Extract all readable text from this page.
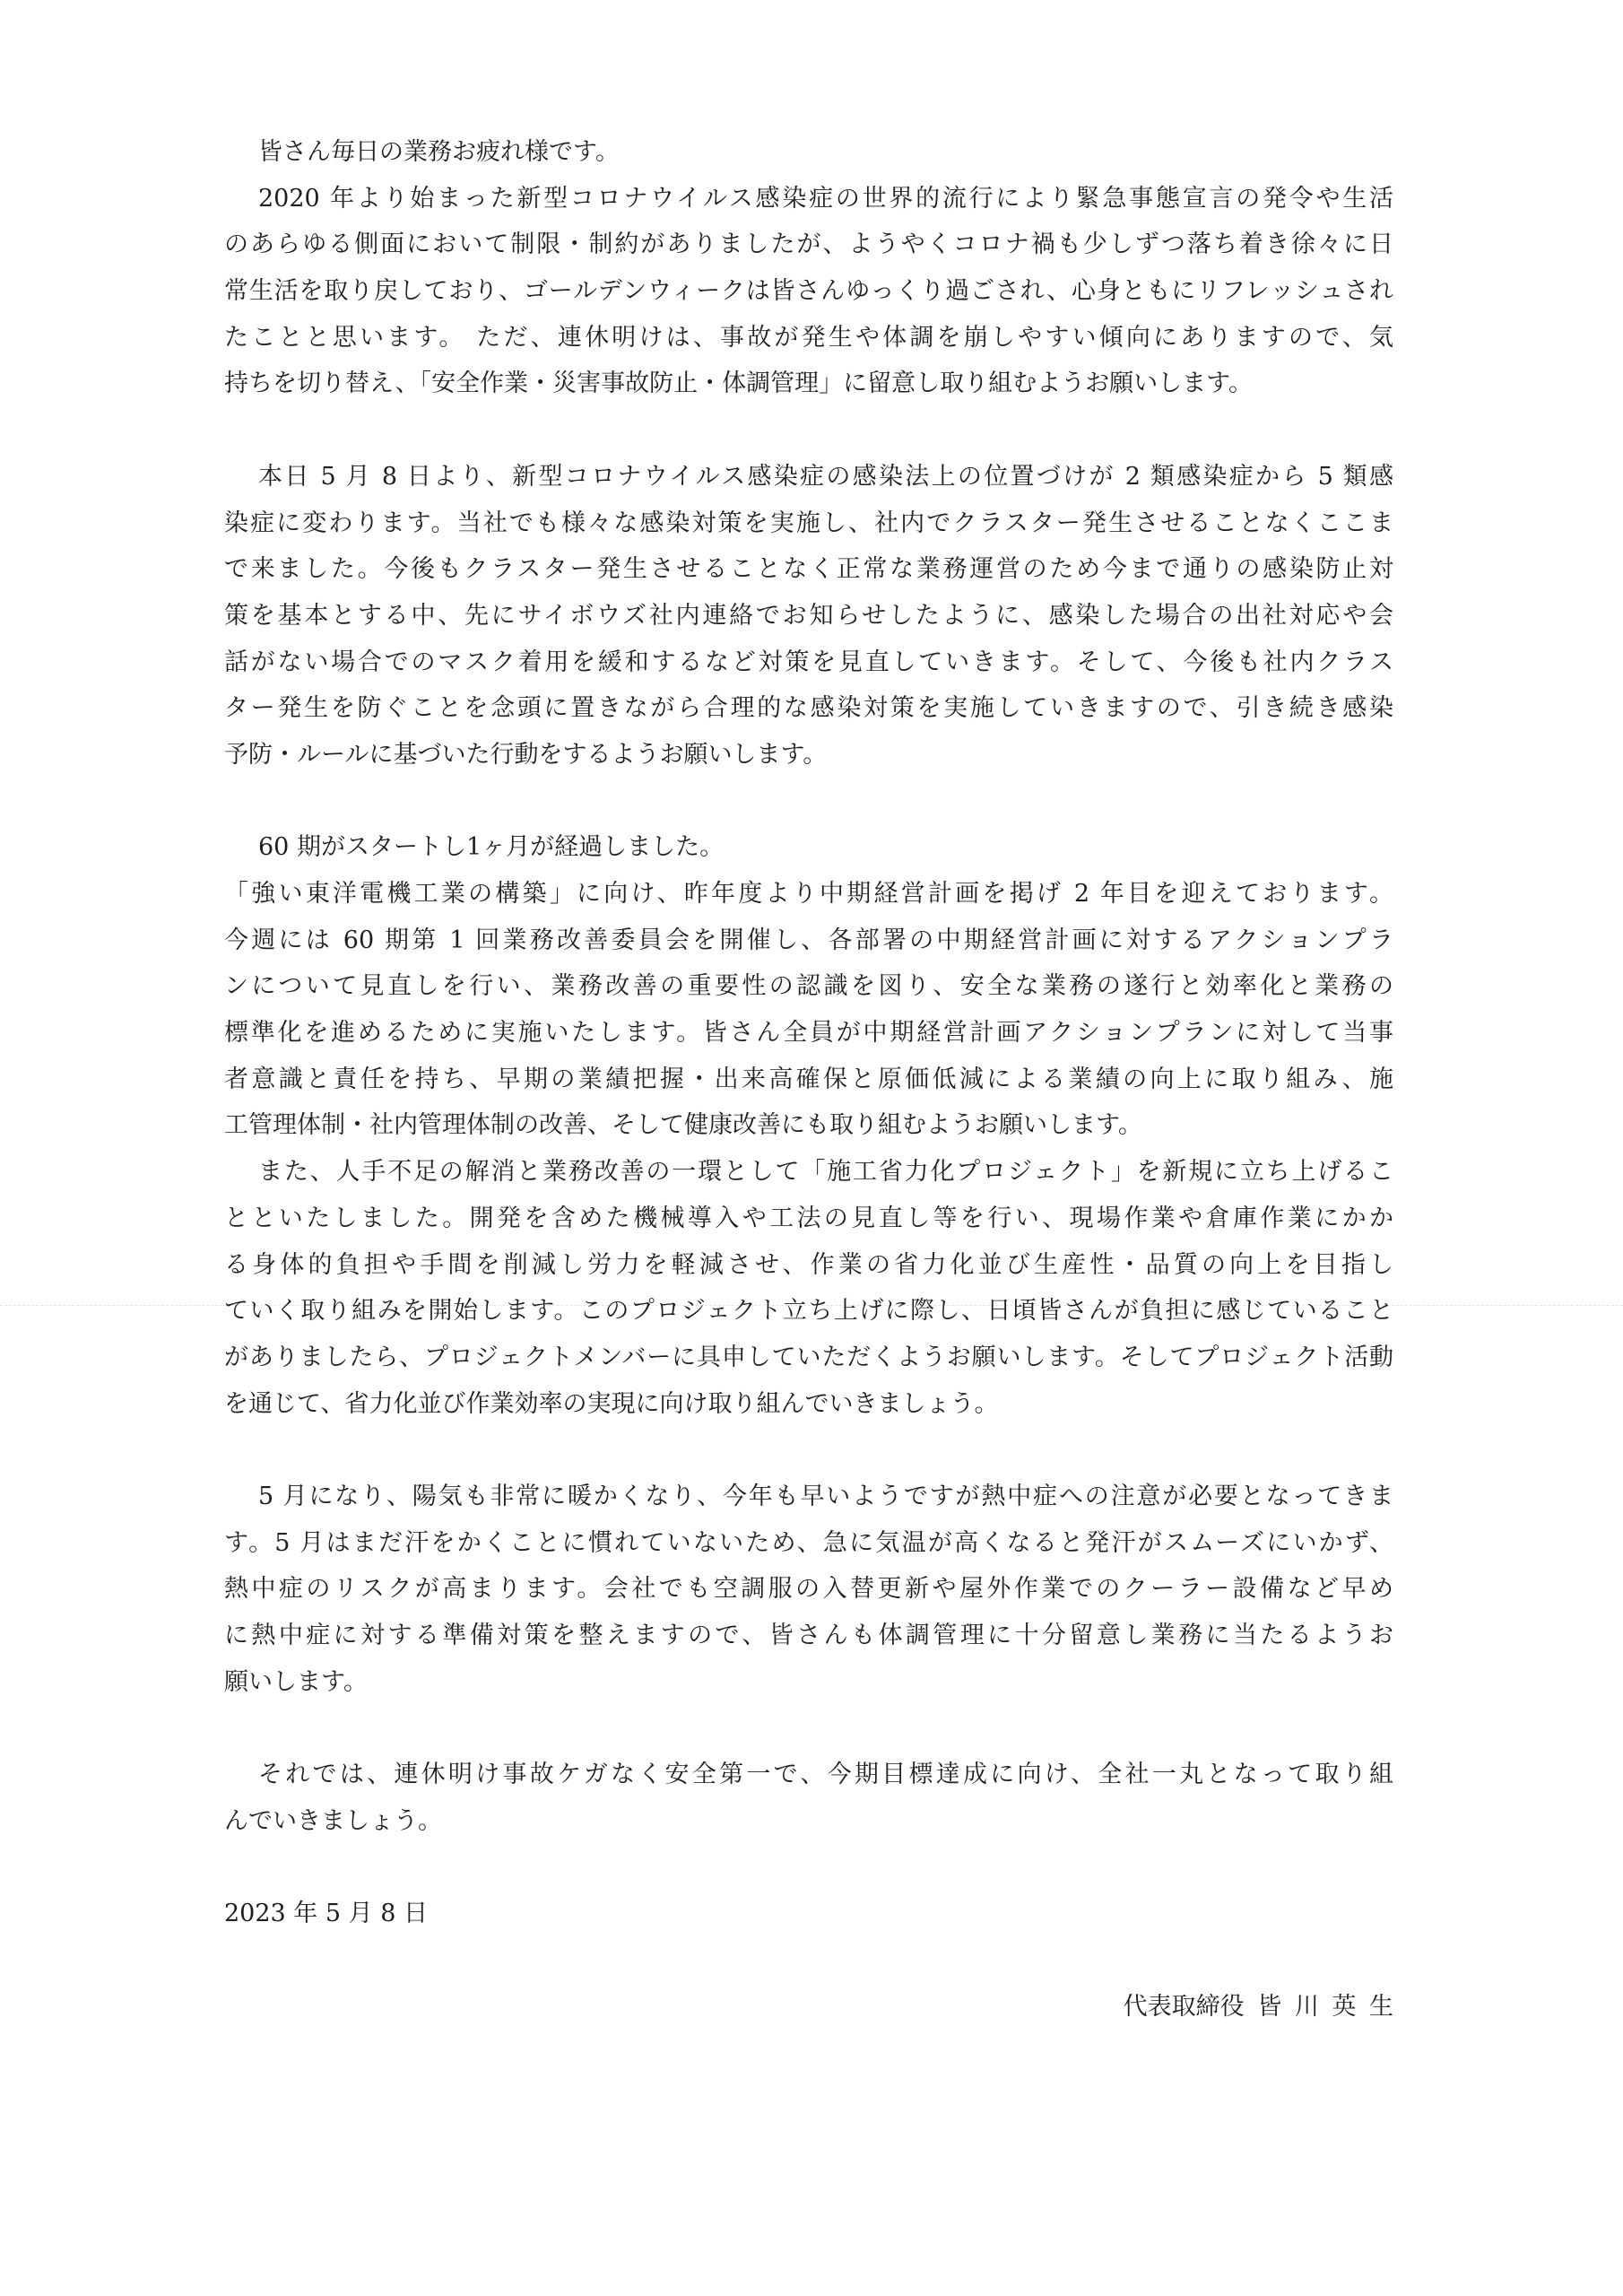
皆さん毎日の業務お疲れ様です。
2020 年より始まった新型コロナウイルス感染症の世界的流行により緊急事態宣言の発令や生活
のあらゆる側面において制限・制約がありましたが、ようやくコロナ禍も少しずつ落ち着き徐々に日
常生活を取り戻しており、ゴールデンウィークは皆さんゆっくり過ごされ、心身ともにリフレッシュされ
たことと思います。 ただ、連休明けは、事故が発生や体調を崩しやすい傾向にありますので、気
持ちを切り替え、「安全作業・災害事故防止・体調管理」に留意し取り組むようお願いします。
本日 5 月 8 日より、新型コロナウイルス感染症の感染法上の位置づけが 2 類感染症から 5 類感
染症に変わります。当社でも様々な感染対策を実施し、社内でクラスター発生させることなくここま
で来ました。今後もクラスター発生させることなく正常な業務運営のため今まで通りの感染防止対
策を基本とする中、先にサイボウズ社内連絡でお知らせしたように、感染した場合の出社対応や会
話がない場合でのマスク着用を緩和するなど対策を見直していきます。そして、今後も社内クラス
ター発生を防ぐことを念頭に置きながら合理的な感染対策を実施していきますので、引き続き感染
予防・ルールに基づいた行動をするようお願いします。
60 期がスタートし1ヶ月が経過しました。
「強い東洋電機工業の構築」に向け、昨年度より中期経営計画を掲げ 2 年目を迎えております。
今週には 60 期第 1 回業務改善委員会を開催し、各部署の中期経営計画に対するアクションプラ
ンについて見直しを行い、業務改善の重要性の認識を図り、安全な業務の遂行と効率化と業務の
標準化を進めるために実施いたします。皆さん全員が中期経営計画アクションプランに対して当事
者意識と責任を持ち、早期の業績把握・出来高確保と原価低減による業績の向上に取り組み、施
工管理体制・社内管理体制の改善、そして健康改善にも取り組むようお願いします。
また、人手不足の解消と業務改善の一環として「施工省力化プロジェクト」を新規に立ち上げるこ
とといたしました。開発を含めた機械導入や工法の見直し等を行い、現場作業や倉庫作業にかか
る身体的負担や手間を削減し労力を軽減させ、作業の省力化並び生産性・品質の向上を目指し
ていく取り組みを開始します。このプロジェクト立ち上げに際し、日頃皆さんが負担に感じていること
がありましたら、プロジェクトメンバーに具申していただくようお願いします。そしてプロジェクト活動
を通じて、省力化並び作業効率の実現に向け取り組んでいきましょう。
5 月になり、陽気も非常に暖かくなり、今年も早いようですが熱中症への注意が必要となってきま
す。5 月はまだ汗をかくことに慣れていないため、急に気温が高くなると発汗がスムーズにいかず、
熱中症のリスクが高まります。会社でも空調服の入替更新や屋外作業でのクーラー設備など早め
に熱中症に対する準備対策を整えますので、皆さんも体調管理に十分留意し業務に当たるようお
願いします。
それでは、連休明け事故ケガなく安全第一で、今期目標達成に向け、全社一丸となって取り組
んでいきましょう。
2023 年 5 月 8 日
代表取締役 皆 川 英 生
